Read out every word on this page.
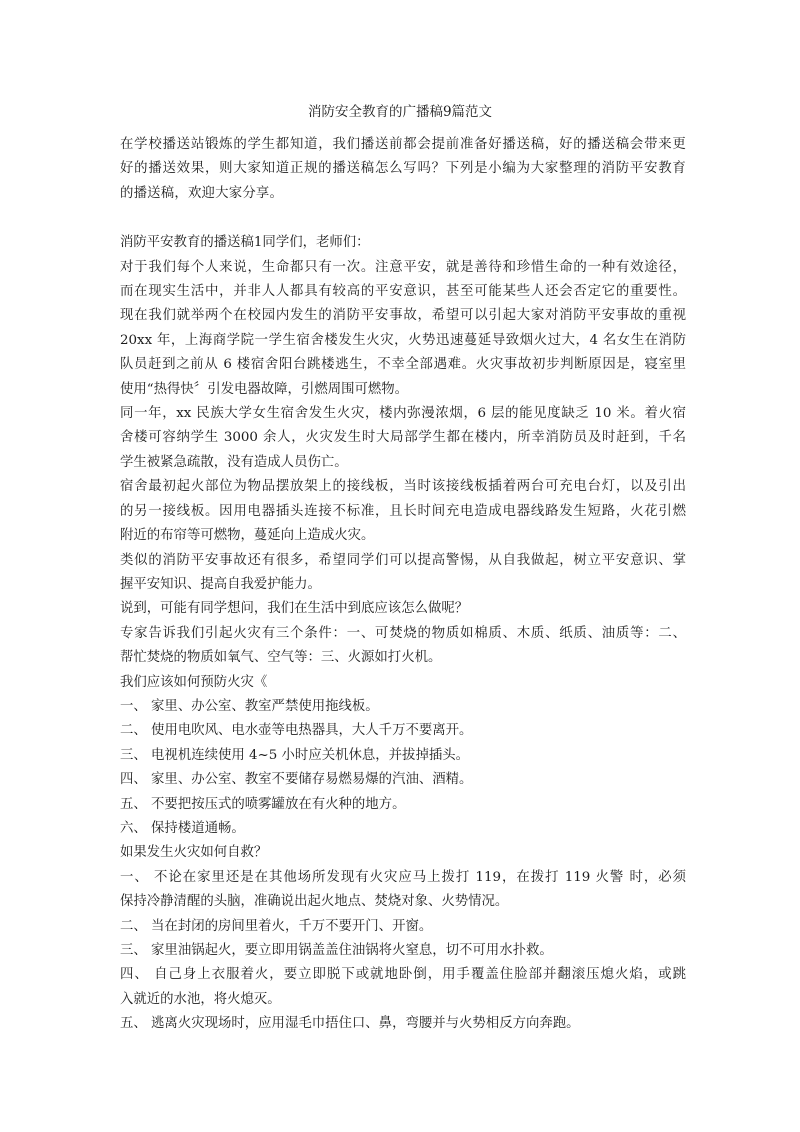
消防安全教育的广播稿9篇范文

在学校播送站锻炼的学生都知道，我们播送前都会提前准备好播送稿，好的播送稿会带来更

好的播送效果，则大家知道正规的播送稿怎么写吗？下列是小编为大家整理的消防平安教育

的播送稿，欢迎大家分享。

消防平安教育的播送稿1同学们，老师们：

对于我们每个人来说，生命都只有一次。注意平安，就是善待和珍惜生命的一种有效途径，

而在现实生活中，并非人人都具有较高的平安意识，甚至可能某些人还会否定它的重要性。

现在我们就举两个在校园内发生的消防平安事故，希望可以引起大家对消防平安事故的重视

20xx 年，上海商学院一学生宿舍楼发生火灾，火势迅速蔓延导致烟火过大，4 名女生在消防

队员赶到之前从 6 楼宿舍阳台跳楼逃生，不幸全部遇难。火灾事故初步判断原因是，寝室里

使用“热得快〞引发电器故障，引燃周围可燃物。

同一年，xx 民族大学女生宿舍发生火灾，楼内弥漫浓烟，6 层的能见度缺乏 10 米。着火宿

舍楼可容纳学生 3000 余人，火灾发生时大局部学生都在楼内，所幸消防员及时赶到，千名

学生被紧急疏散，没有造成人员伤亡。

宿舍最初起火部位为物品摆放架上的接线板，当时该接线板插着两台可充电台灯，以及引出

的另一接线板。因用电器插头连接不标准，且长时间充电造成电器线路发生短路，火花引燃

附近的布帘等可燃物，蔓延向上造成火灾。

类似的消防平安事故还有很多，希望同学们可以提高警惕，从自我做起，树立平安意识、掌

握平安知识、提高自我爱护能力。

说到，可能有同学想问，我们在生活中到底应该怎么做呢？

专家告诉我们引起火灾有三个条件：一、可焚烧的物质如棉质、木质、纸质、油质等：二、

帮忙焚烧的物质如氧气、空气等：三、火源如打火机。

我们应该如何预防火灾《

一、 家里、办公室、教室严禁使用拖线板。

二、 使用电吹风、电水壶等电热器具，大人千万不要离开。

三、 电视机连续使用 4~5 小时应关机休息，并拔掉插头。

四、 家里、办公室、教室不要储存易燃易爆的汽油、酒精。

五、 不要把按压式的喷雾罐放在有火种的地方。

六、 保持楼道通畅。

如果发生火灾如何自救？

一、 不论在家里还是在其他场所发现有火灾应马上拨打 119，在拨打 119 火警 时，必须

保持冷静清醒的头脑，准确说出起火地点、焚烧对象、火势情况。

二、 当在封闭的房间里着火，千万不要开门、开窗。

三、 家里油锅起火，要立即用锅盖盖住油锅将火窒息，切不可用水扑救。

四、 自己身上衣服着火，要立即脱下或就地卧倒，用手覆盖住脸部并翻滚压熄火焰，或跳

入就近的水池，将火熄灭。

五、 逃离火灾现场时，应用湿毛巾捂住口、鼻，弯腰并与火势相反方向奔跑。
